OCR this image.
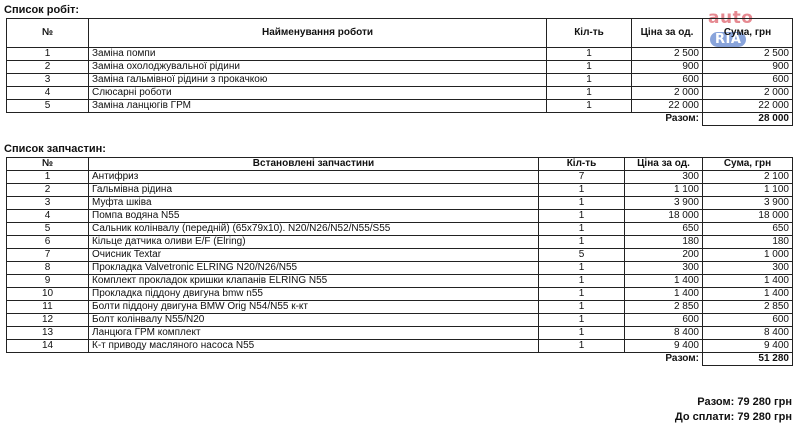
autoRIA
Список робіт:
№	Найменування роботи	Кіл-ть	Ціна за од.	Сума, грн
1	Заміна помпи	1	2 500	2 500
2	Заміна охолоджувальної рідини	1	900	900
3	Заміна гальмівної рідини з прокачкою	1	600	600
4	Слюсарні роботи	1	2 000	2 000
5	Заміна ланцюгів ГРМ	1	22 000	22 000
			Разом:	28 000
Список запчастин:
№	Встановлені запчастини	Кіл-ть	Ціна за од.	Сума, грн
1	Антифриз	7	300	2 100
2	Гальмівна рідина	1	1 100	1 100
3	Муфта шківа	1	3 900	3 900
4	Помпа водяна N55	1	18 000	18 000
5	Сальник колінвалу (передній) (65x79x10). N20/N26/N52/N55/S55	1	650	650
6	Кільце датчика оливи E/F (Elring)	1	180	180
7	Очисник Textar	5	200	1 000
8	Прокладка Valvetronic ELRING N20/N26/N55	1	300	300
9	Комплект прокладок кришки клапанів ELRING N55	1	1 400	1 400
10	Прокладка піддону двигуна bmw n55	1	1 400	1 400
11	Болти піддону двигуна BMW Orig N54/N55 к-кт	1	2 850	2 850
12	Болт колінвалу N55/N20	1	600	600
13	Ланцюга ГРМ комплект	1	8 400	8 400
14	К-т приводу масляного насоса N55	1	9 400	9 400
			Разом:	51 280
Разом: 79 280 грн
До сплати: 79 280 грн
